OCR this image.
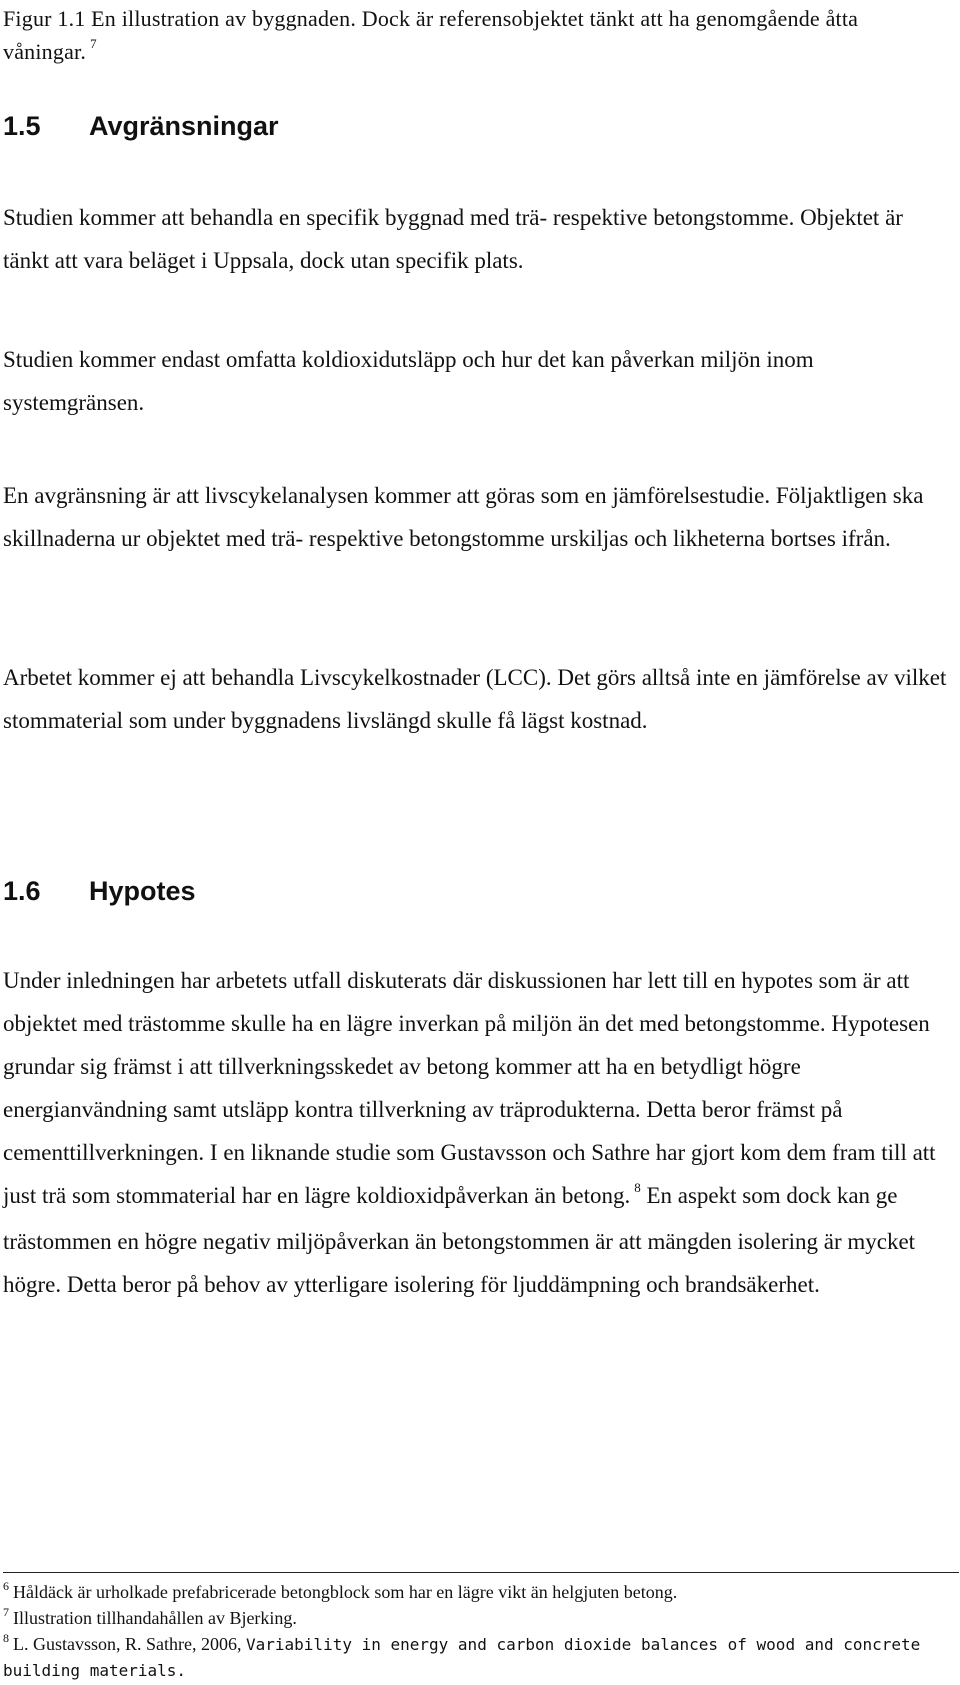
Figur 1.1 En illustration av byggnaden. Dock är referensobjektet tänkt att ha genomgående åtta våningar. $^7$
1.5 Avgränsningar
Studien kommer att behandla en specifik byggnad med trä- respektive betongstomme. Objektet är tänkt att vara beläget i Uppsala, dock utan specifik plats.
Studien kommer endast omfatta koldioxidutsläpp och hur det kan påverkan miljön inom systemgränsen.
En avgränsning är att livscykelanalysen kommer att göras som en jämförelsestudie. Följaktligen ska skillnaderna ur objektet med trä- respektive betongstomme urskiljas och likheterna bortses ifrån.
Arbetet kommer ej att behandla Livscykelkostnader (LCC). Det görs alltså inte en jämförelse av vilket stommaterial som under byggnadens livslängd skulle få lägst kostnad.
1.6 Hypotes
Under inledningen har arbetets utfall diskuterats där diskussionen har lett till en hypotes som är att objektet med trästomme skulle ha en lägre inverkan på miljön än det med betongstomme. Hypotesen grundar sig främst i att tillverkningsskedet av betong kommer att ha en betydligt högre energianvändning samt utsläpp kontra tillverkning av träprodukterna. Detta beror främst på cementtillverkningen. I en liknande studie som Gustavsson och Sathre har gjort kom dem fram till att just trä som stommaterial har en lägre koldioxidpåverkan än betong. $^8$ En aspekt som dock kan ge trästommen en högre negativ miljöpåverkan än betongstommen är att mängden isolering är mycket högre. Detta beror på behov av ytterligare isolering för ljuddämpning och brandsäkerhet.
$^6$ Håldäck är urholkade prefabricerade betongblock som har en lägre vikt än helgjuten betong.
$^7$ Illustration tillhandahållen av Bjerking.
$^8$ L. Gustavsson, R. Sathre, 2006, Variability in energy and carbon dioxide balances of wood and concrete building materials.
